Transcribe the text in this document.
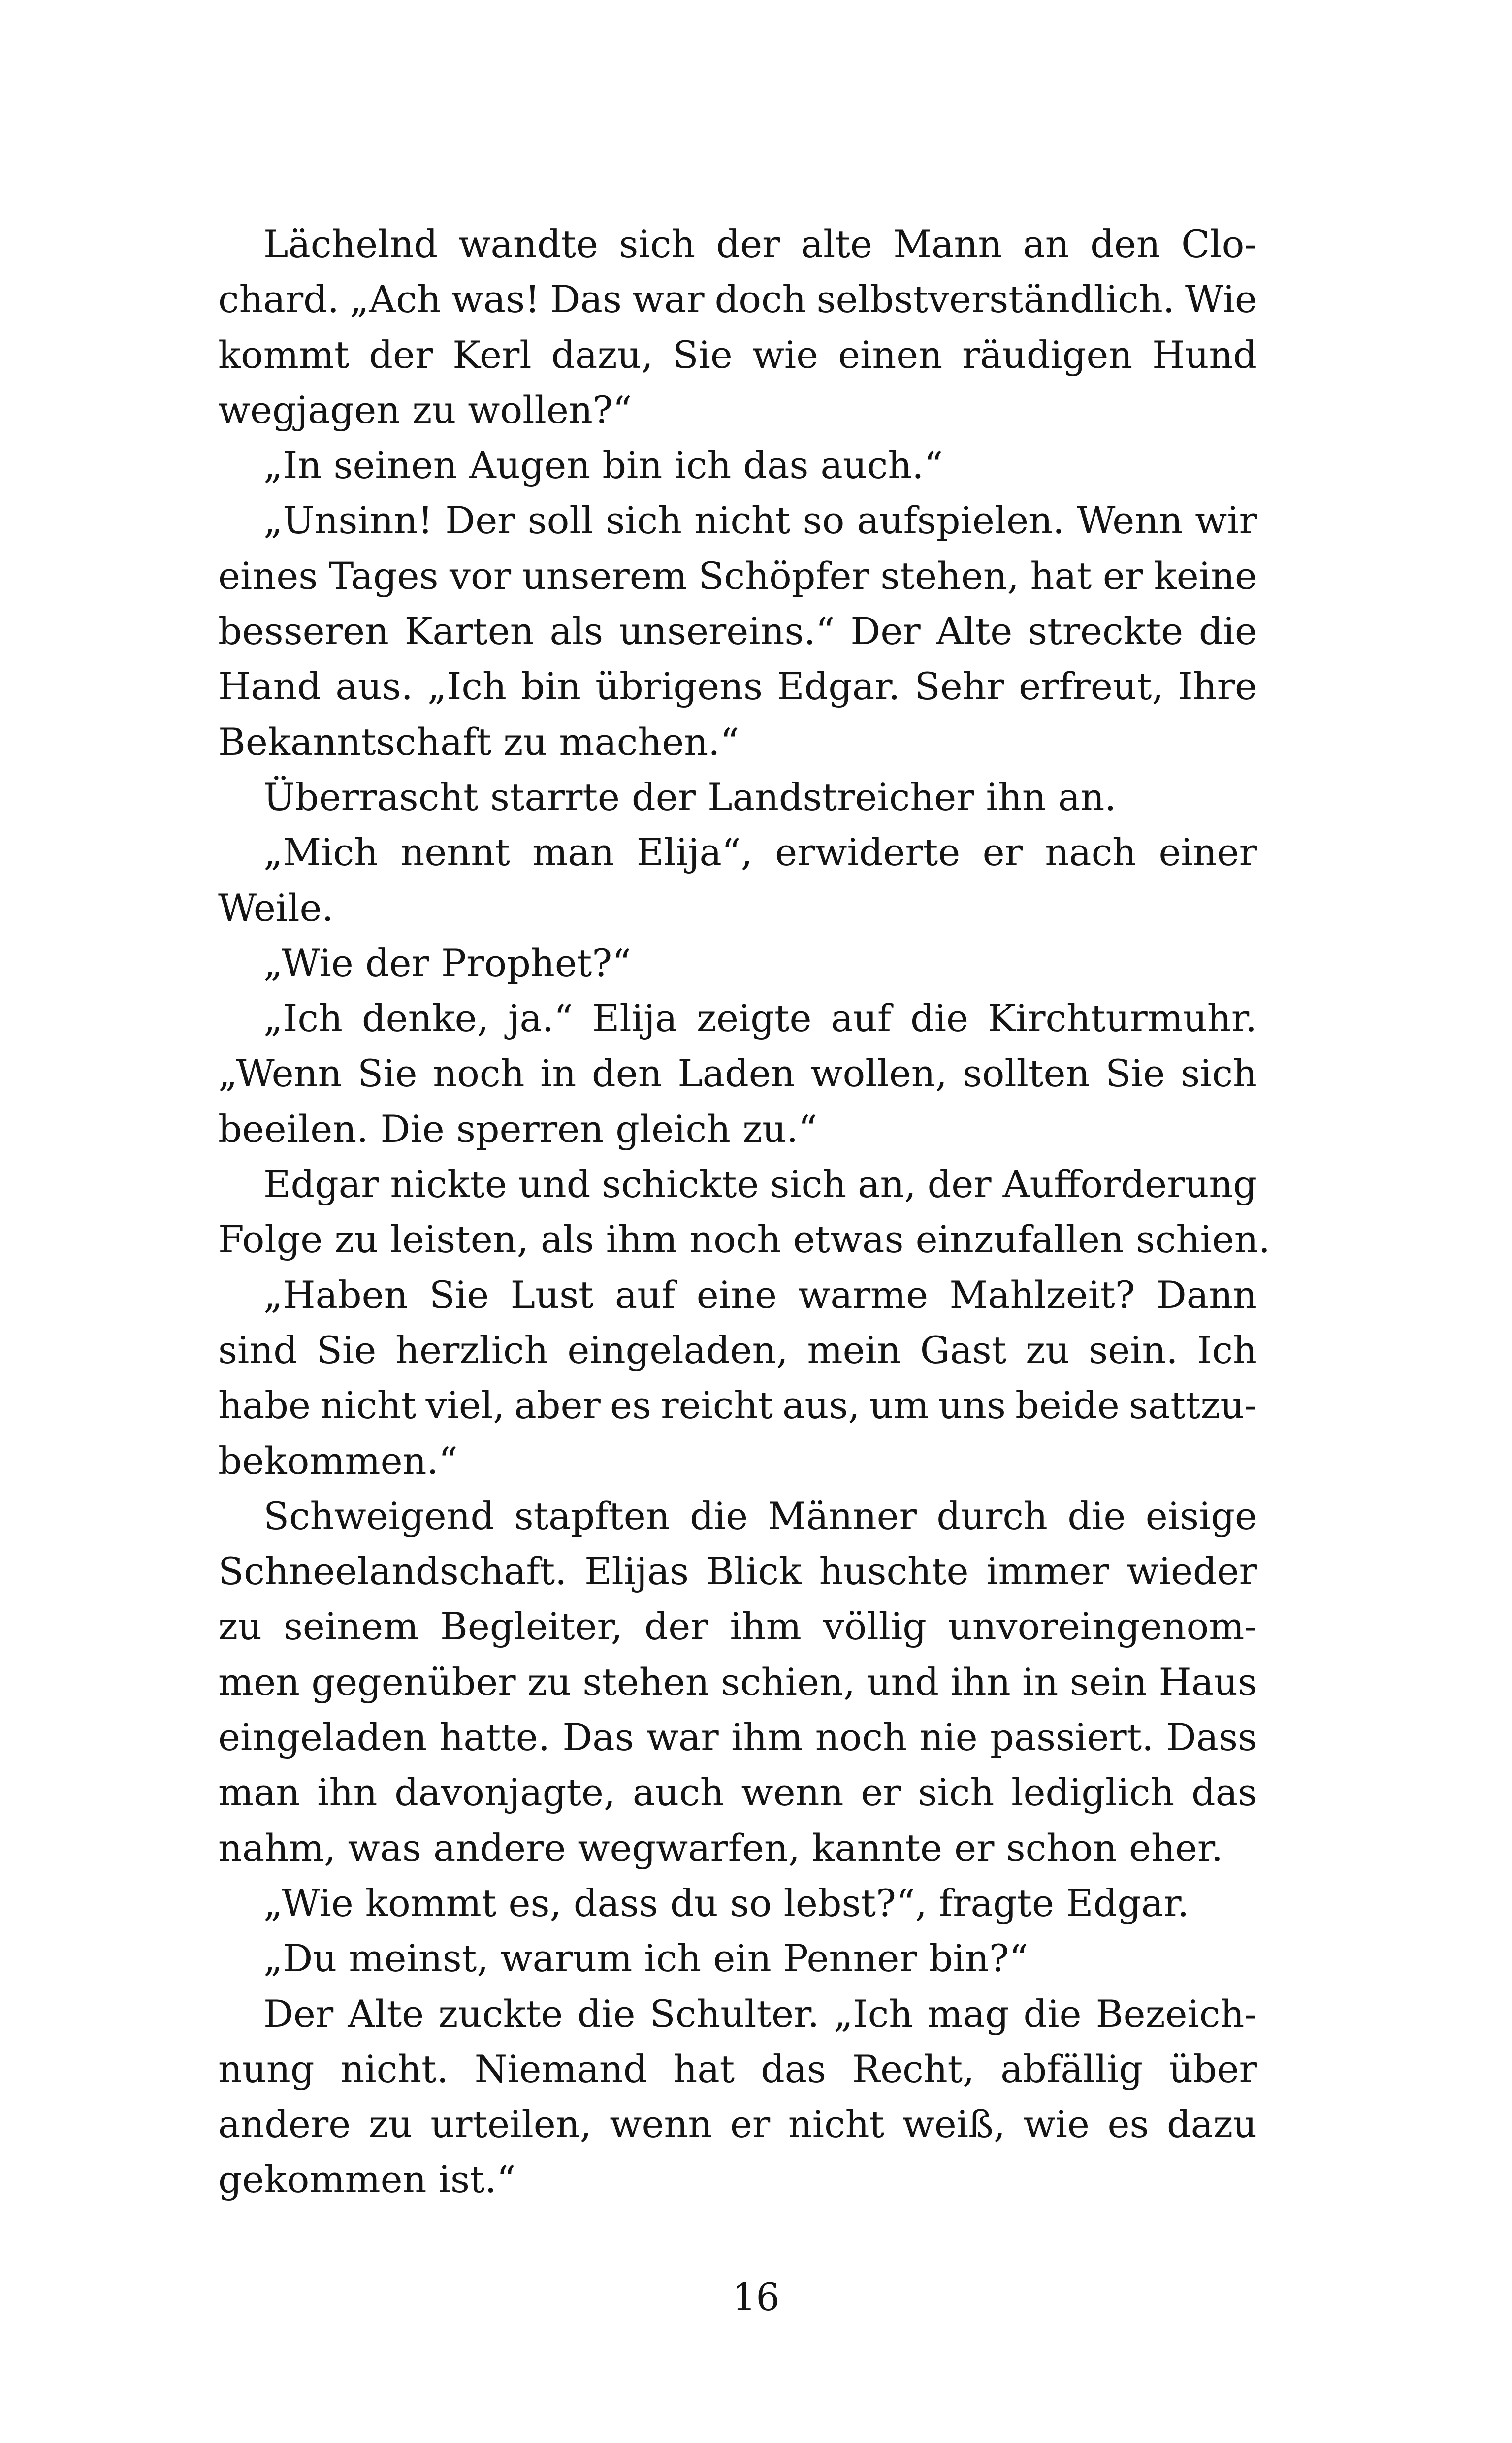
Lächelnd wandte sich der alte Mann an den Clo-
chard. „Ach was! Das war doch selbstverständlich. Wie
kommt der Kerl dazu, Sie wie einen räudigen Hund
wegjagen zu wollen?“
„In seinen Augen bin ich das auch.“
„Unsinn! Der soll sich nicht so aufspielen. Wenn wir
eines Tages vor unserem Schöpfer stehen, hat er keine
besseren Karten als unsereins.“ Der Alte streckte die
Hand aus. „Ich bin übrigens Edgar. Sehr erfreut, Ihre
Bekanntschaft zu machen.“
Überrascht starrte der Landstreicher ihn an.
„Mich nennt man Elija“, erwiderte er nach einer
Weile.
„Wie der Prophet?“
„Ich denke, ja.“ Elija zeigte auf die Kirchturmuhr.
„Wenn Sie noch in den Laden wollen, sollten Sie sich
beeilen. Die sperren gleich zu.“
Edgar nickte und schickte sich an, der Aufforderung
Folge zu leisten, als ihm noch etwas einzufallen schien.
„Haben Sie Lust auf eine warme Mahlzeit? Dann
sind Sie herzlich eingeladen, mein Gast zu sein. Ich
habe nicht viel, aber es reicht aus, um uns beide sattzu-
bekommen.“
Schweigend stapften die Männer durch die eisige
Schneelandschaft. Elijas Blick huschte immer wieder
zu seinem Begleiter, der ihm völlig unvoreingenom-
men gegenüber zu stehen schien, und ihn in sein Haus
eingeladen hatte. Das war ihm noch nie passiert. Dass
man ihn davonjagte, auch wenn er sich lediglich das
nahm, was andere wegwarfen, kannte er schon eher.
„Wie kommt es, dass du so lebst?“, fragte Edgar.
„Du meinst, warum ich ein Penner bin?“
Der Alte zuckte die Schulter. „Ich mag die Bezeich-
nung nicht. Niemand hat das Recht, abfällig über
andere zu urteilen, wenn er nicht weiß, wie es dazu
gekommen ist.“
16
